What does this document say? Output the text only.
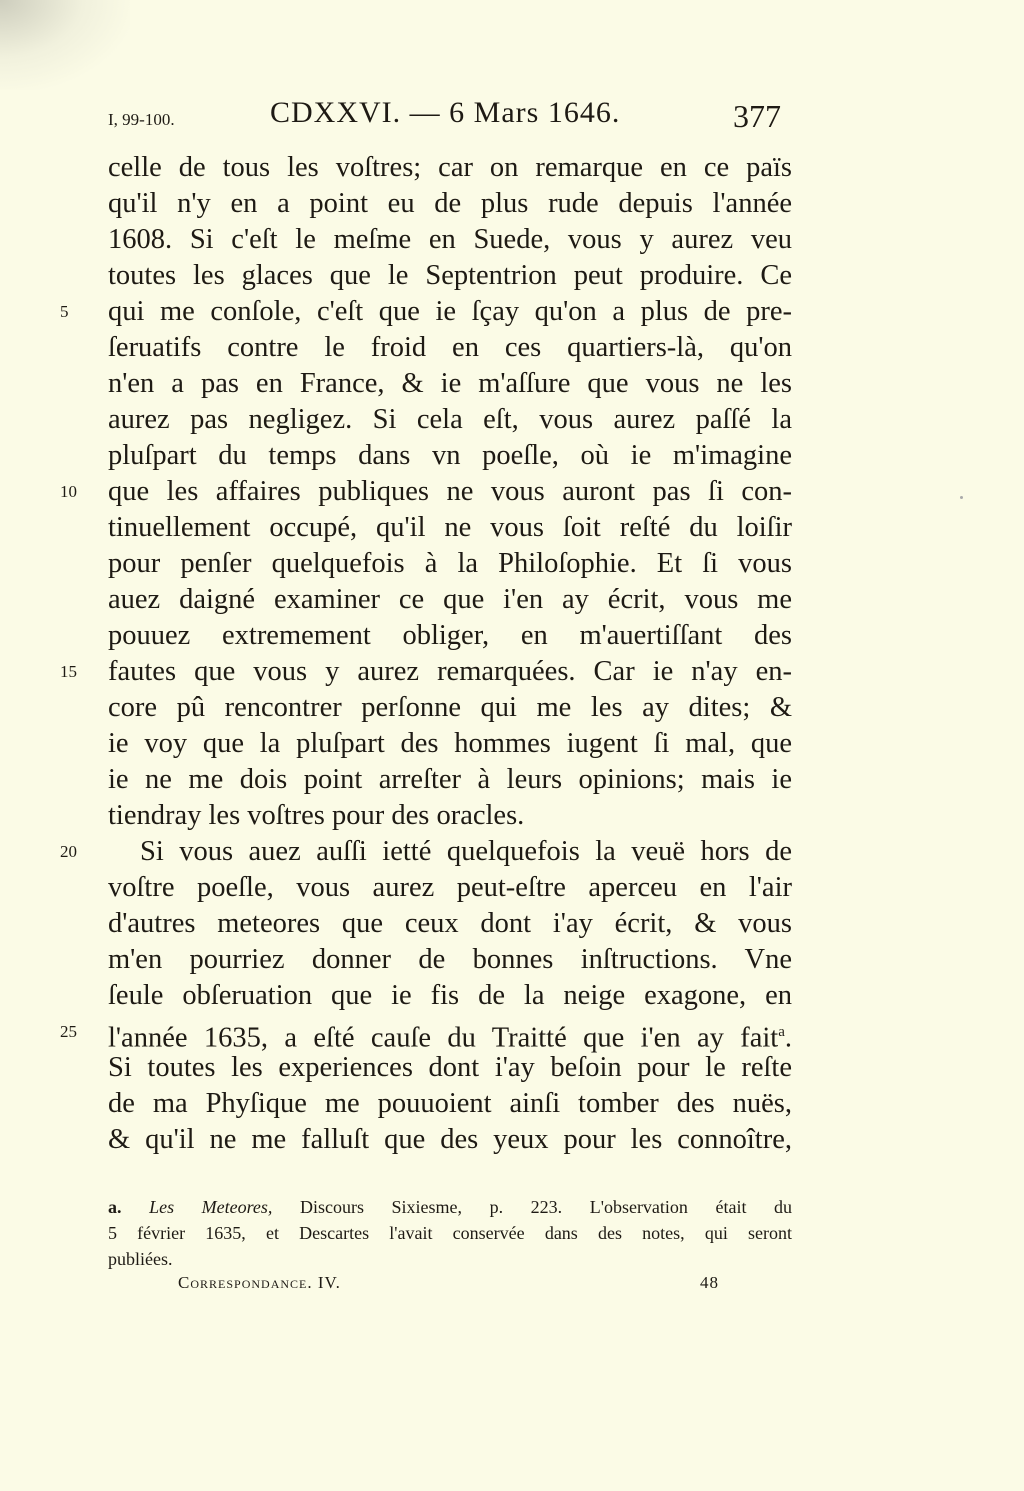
I, 99-100.	CDXXVI. — 6 Mars 1646.	377
celle de tous les voſtres; car on remarque en ce païs
qu'il n'y en a point eu de plus rude depuis l'année
1608. Si c'eſt le meſme en Suede, vous y aurez veu
toutes les glaces que le Septentrion peut produire. Ce
qui me conſole, c'eſt que ie ſçay qu'on a plus de pre-
ſeruatifs contre le froid en ces quartiers-là, qu'on
n'en a pas en France, & ie m'aſſure que vous ne les
aurez pas negligez. Si cela eſt, vous aurez paſſé la
pluſpart du temps dans vn poeſle, où ie m'imagine
que les affaires publiques ne vous auront pas ſi con-
tinuellement occupé, qu'il ne vous ſoit reſté du loiſir
pour penſer quelquefois à la Philoſophie. Et ſi vous
auez daigné examiner ce que i'en ay écrit, vous me
pouuez extremement obliger, en m'auertiſſant des
fautes que vous y aurez remarquées. Car ie n'ay en-
core pû rencontrer perſonne qui me les ay dites; &
ie voy que la pluſpart des hommes iugent ſi mal, que
ie ne me dois point arreſter à leurs opinions; mais ie
tiendray les voſtres pour des oracles.
Si vous auez auſſi ietté quelquefois la veuë hors de
voſtre poeſle, vous aurez peut-eſtre aperceu en l'air
d'autres meteores que ceux dont i'ay écrit, & vous
m'en pourriez donner de bonnes inſtructions. Vne
ſeule obſeruation que ie fis de la neige exagone, en
l'année 1635, a eſté cauſe du Traitté que i'en ay fait$^a$.
Si toutes les experiences dont i'ay beſoin pour le reſte
de ma Phyſique me pouuoient ainſi tomber des nuës,
& qu'il ne me falluſt que des yeux pour les connoître,
5
10
15
20
25
a. Les Meteores, Discours Sixiesme, p. 223. L'observation était du
5 février 1635, et Descartes l'avait conservée dans des notes, qui seront
publiées.
Correspondance. IV.	48
